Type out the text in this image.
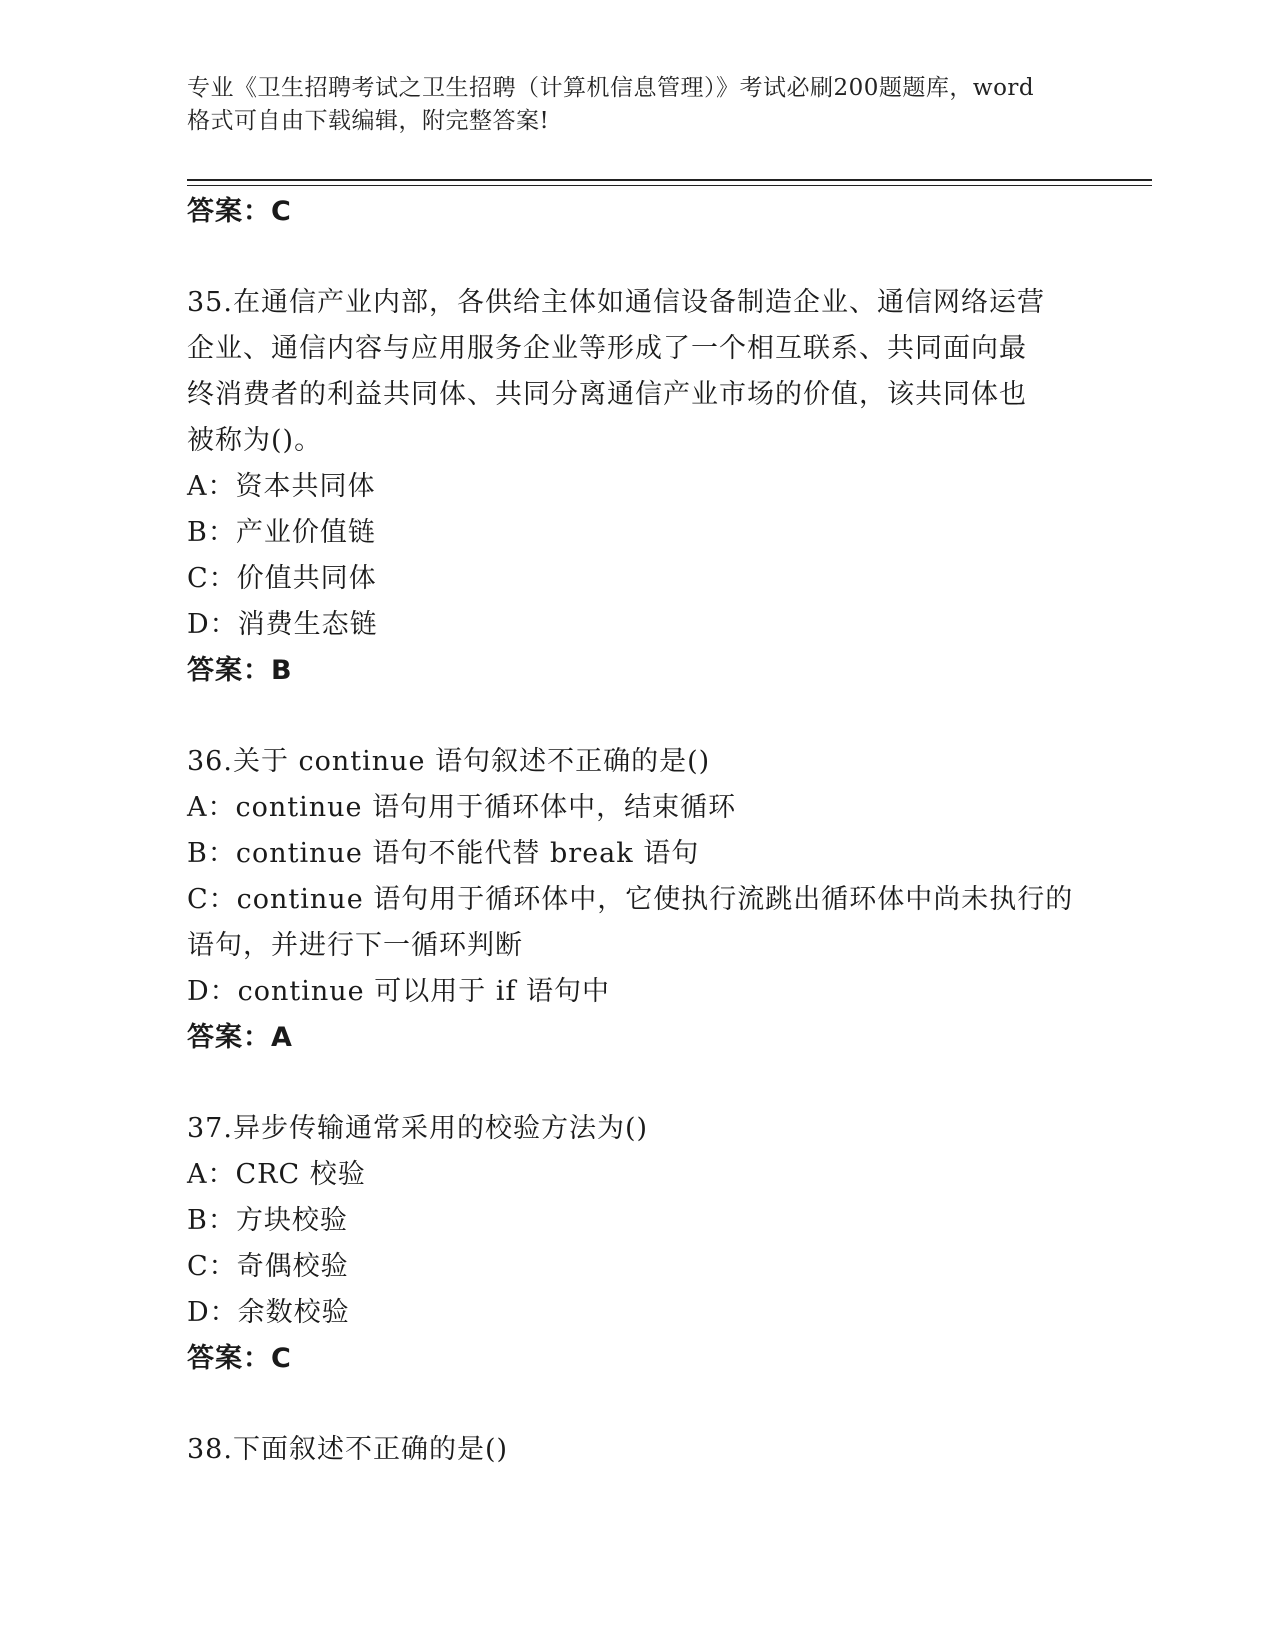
专业《卫生招聘考试之卫生招聘（计算机信息管理）》考试必刷200题题库，word
格式可自由下载编辑，附完整答案!
答案：C
35.在通信产业内部，各供给主体如通信设备制造企业、通信网络运营
企业、通信内容与应用服务企业等形成了一个相互联系、共同面向最
终消费者的利益共同体、共同分离通信产业市场的价值，该共同体也
被称为()。
A：资本共同体
B：产业价值链
C：价值共同体
D：消费生态链
答案：B
36.关于 continue 语句叙述不正确的是()
A：continue 语句用于循环体中，结束循环
B：continue 语句不能代替 break 语句
C：continue 语句用于循环体中，它使执行流跳出循环体中尚未执行的
语句，并进行下一循环判断
D：continue 可以用于 if 语句中
答案：A
37.异步传输通常采用的校验方法为()
A：CRC 校验
B：方块校验
C：奇偶校验
D：余数校验
答案：C
38.下面叙述不正确的是()
